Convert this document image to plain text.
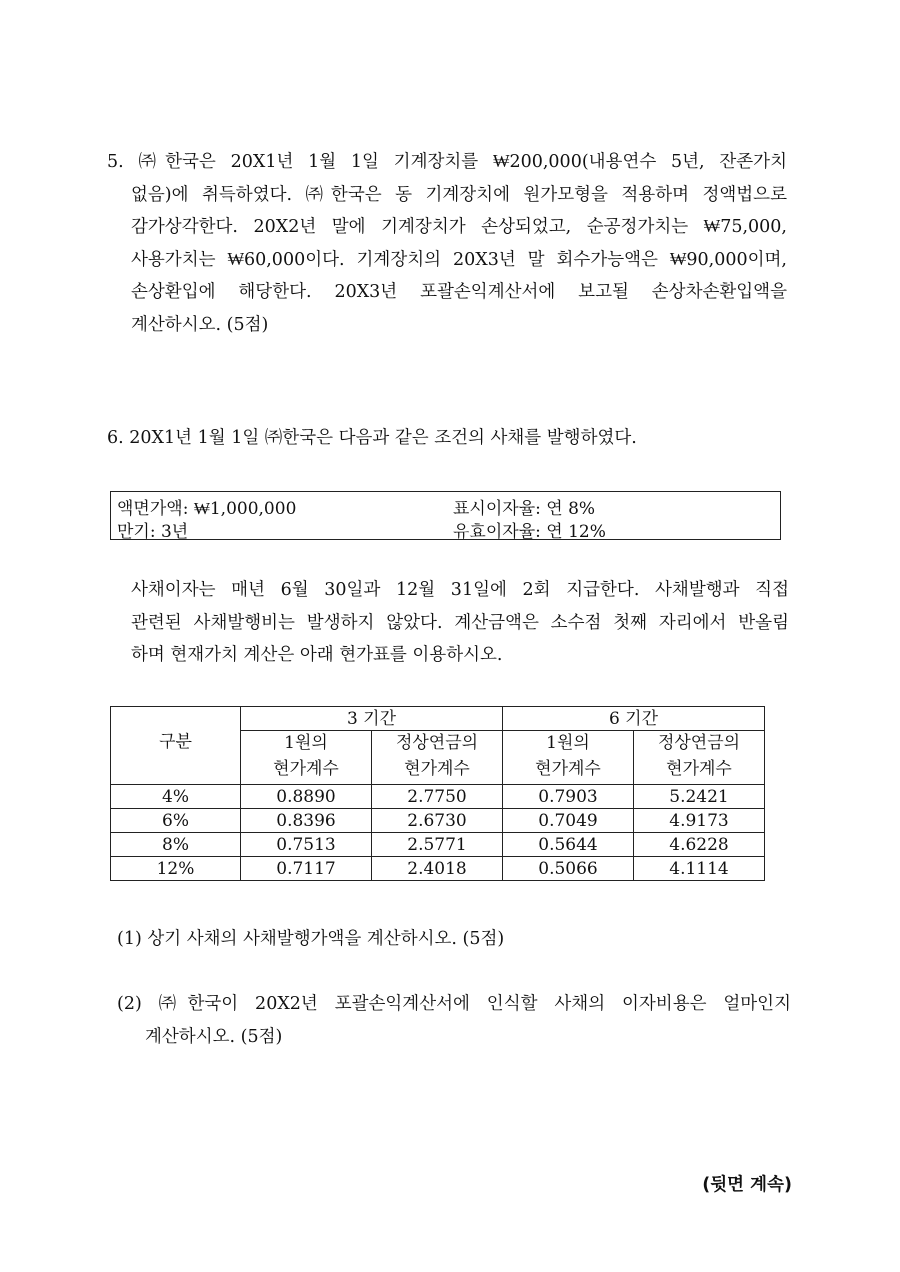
5. ㈜한국은 20X1년 1월 1일 기계장치를 ₩200,000(내용연수 5년, 잔존가치
없음)에 취득하였다. ㈜한국은 동 기계장치에 원가모형을 적용하며 정액법으로
감가상각한다. 20X2년 말에 기계장치가 손상되었고, 순공정가치는 ₩75,000,
사용가치는 ₩60,000이다. 기계장치의 20X3년 말 회수가능액은 ₩90,000이며,
손상환입에 해당한다. 20X3년 포괄손익계산서에 보고될 손상차손환입액을
계산하시오. (5점)
6. 20X1년 1월 1일 ㈜한국은 다음과 같은 조건의 사채를 발행하였다.
액면가액: ₩1,000,000	표시이자율: 연 8%
만기: 3년	유효이자율: 연 12%
사채이자는 매년 6월 30일과 12월 31일에 2회 지급한다. 사채발행과 직접
관련된 사채발행비는 발생하지 않았다. 계산금액은 소수점 첫째 자리에서 반올림
하며 현재가치 계산은 아래 현가표를 이용하시오.
	3 기간		6 기간	
구분	1원의	정상연금의	1원의	정상연금의
	현가계수	현가계수	현가계수	현가계수
4%	0.8890	2.7750	0.7903	5.2421
6%	0.8396	2.6730	0.7049	4.9173
8%	0.7513	2.5771	0.5644	4.6228
12%	0.7117	2.4018	0.5066	4.1114
(1) 상기 사채의 사채발행가액을 계산하시오. (5점)
(2) ㈜한국이 20X2년 포괄손익계산서에 인식할 사채의 이자비용은 얼마인지
계산하시오. (5점)
(뒷면 계속)
